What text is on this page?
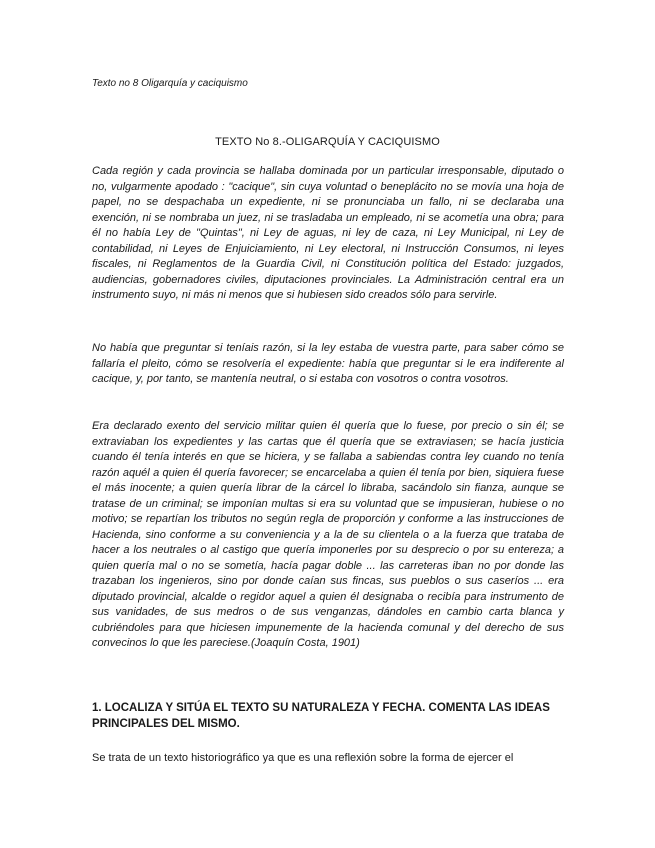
Texto no 8 Oligarquía y caciquismo
TEXTO No 8.-OLIGARQUÍA Y CACIQUISMO

Cada región y cada provincia se hallaba dominada por un particular irresponsable, diputado o no, vulgarmente apodado : "cacique", sin cuya voluntad o beneplácito no se movía una hoja de papel, no se despachaba un expediente, ni se pronunciaba un fallo, ni se declaraba una exención, ni se nombraba un juez, ni se trasladaba un empleado, ni se acometía una obra; para él no había Ley de "Quintas", ni Ley de aguas, ni ley de caza, ni Ley Municipal, ni Ley de contabilidad, ni Leyes de Enjuiciamiento, ni Ley electoral, ni Instrucción Consumos, ni leyes fiscales, ni Reglamentos de la Guardia Civil, ni Constitución política del Estado: juzgados, audiencias, gobernadores civiles, diputaciones provinciales. La Administración central era un instrumento suyo, ni más ni menos que si hubiesen sido creados sólo para servirle.

No había que preguntar si teníais razón, si la ley estaba de vuestra parte, para saber cómo se fallaría el pleito, cómo se resolvería el expediente: había que preguntar si le era indiferente al cacique, y, por tanto, se mantenía neutral, o si estaba con vosotros o contra vosotros.

Era declarado exento del servicio militar quien él quería que lo fuese, por precio o sin él; se extraviaban los expedientes y las cartas que él quería que se extraviasen; se hacía justicia cuando él tenía interés en que se hiciera, y se fallaba a sabiendas contra ley cuando no tenía razón aquél a quien él quería favorecer; se encarcelaba a quien él tenía por bien, siquiera fuese el más inocente; a quien quería librar de la cárcel lo libraba, sacándolo sin fianza, aunque se tratase de un criminal; se imponían multas si era su voluntad que se impusieran, hubiese o no motivo; se repartían los tributos no según regla de proporción y conforme a las instrucciones de Hacienda, sino conforme a su conveniencia y a la de su clientela o a la fuerza que trataba de hacer a los neutrales o al castigo que quería imponerles por su desprecio o por su entereza; a quien quería mal o no se sometía, hacía pagar doble ... las carreteras iban no por donde las trazaban los ingenieros, sino por donde caían sus fincas, sus pueblos o sus caseríos ... era diputado provincial, alcalde o regidor aquel a quien él designaba o recibía para instrumento de sus vanidades, de sus medros o de sus venganzas, dándoles en cambio carta blanca y cubriéndoles para que hiciesen impunemente de la hacienda comunal y del derecho de sus convecinos lo que les pareciese.(Joaquín Costa, 1901)

1. LOCALIZA Y SITÚA EL TEXTO SU NATURALEZA Y FECHA. COMENTA LAS IDEAS PRINCIPALES DEL MISMO.

Se trata de un texto historiográfico ya que es una reflexión sobre la forma de ejercer el
